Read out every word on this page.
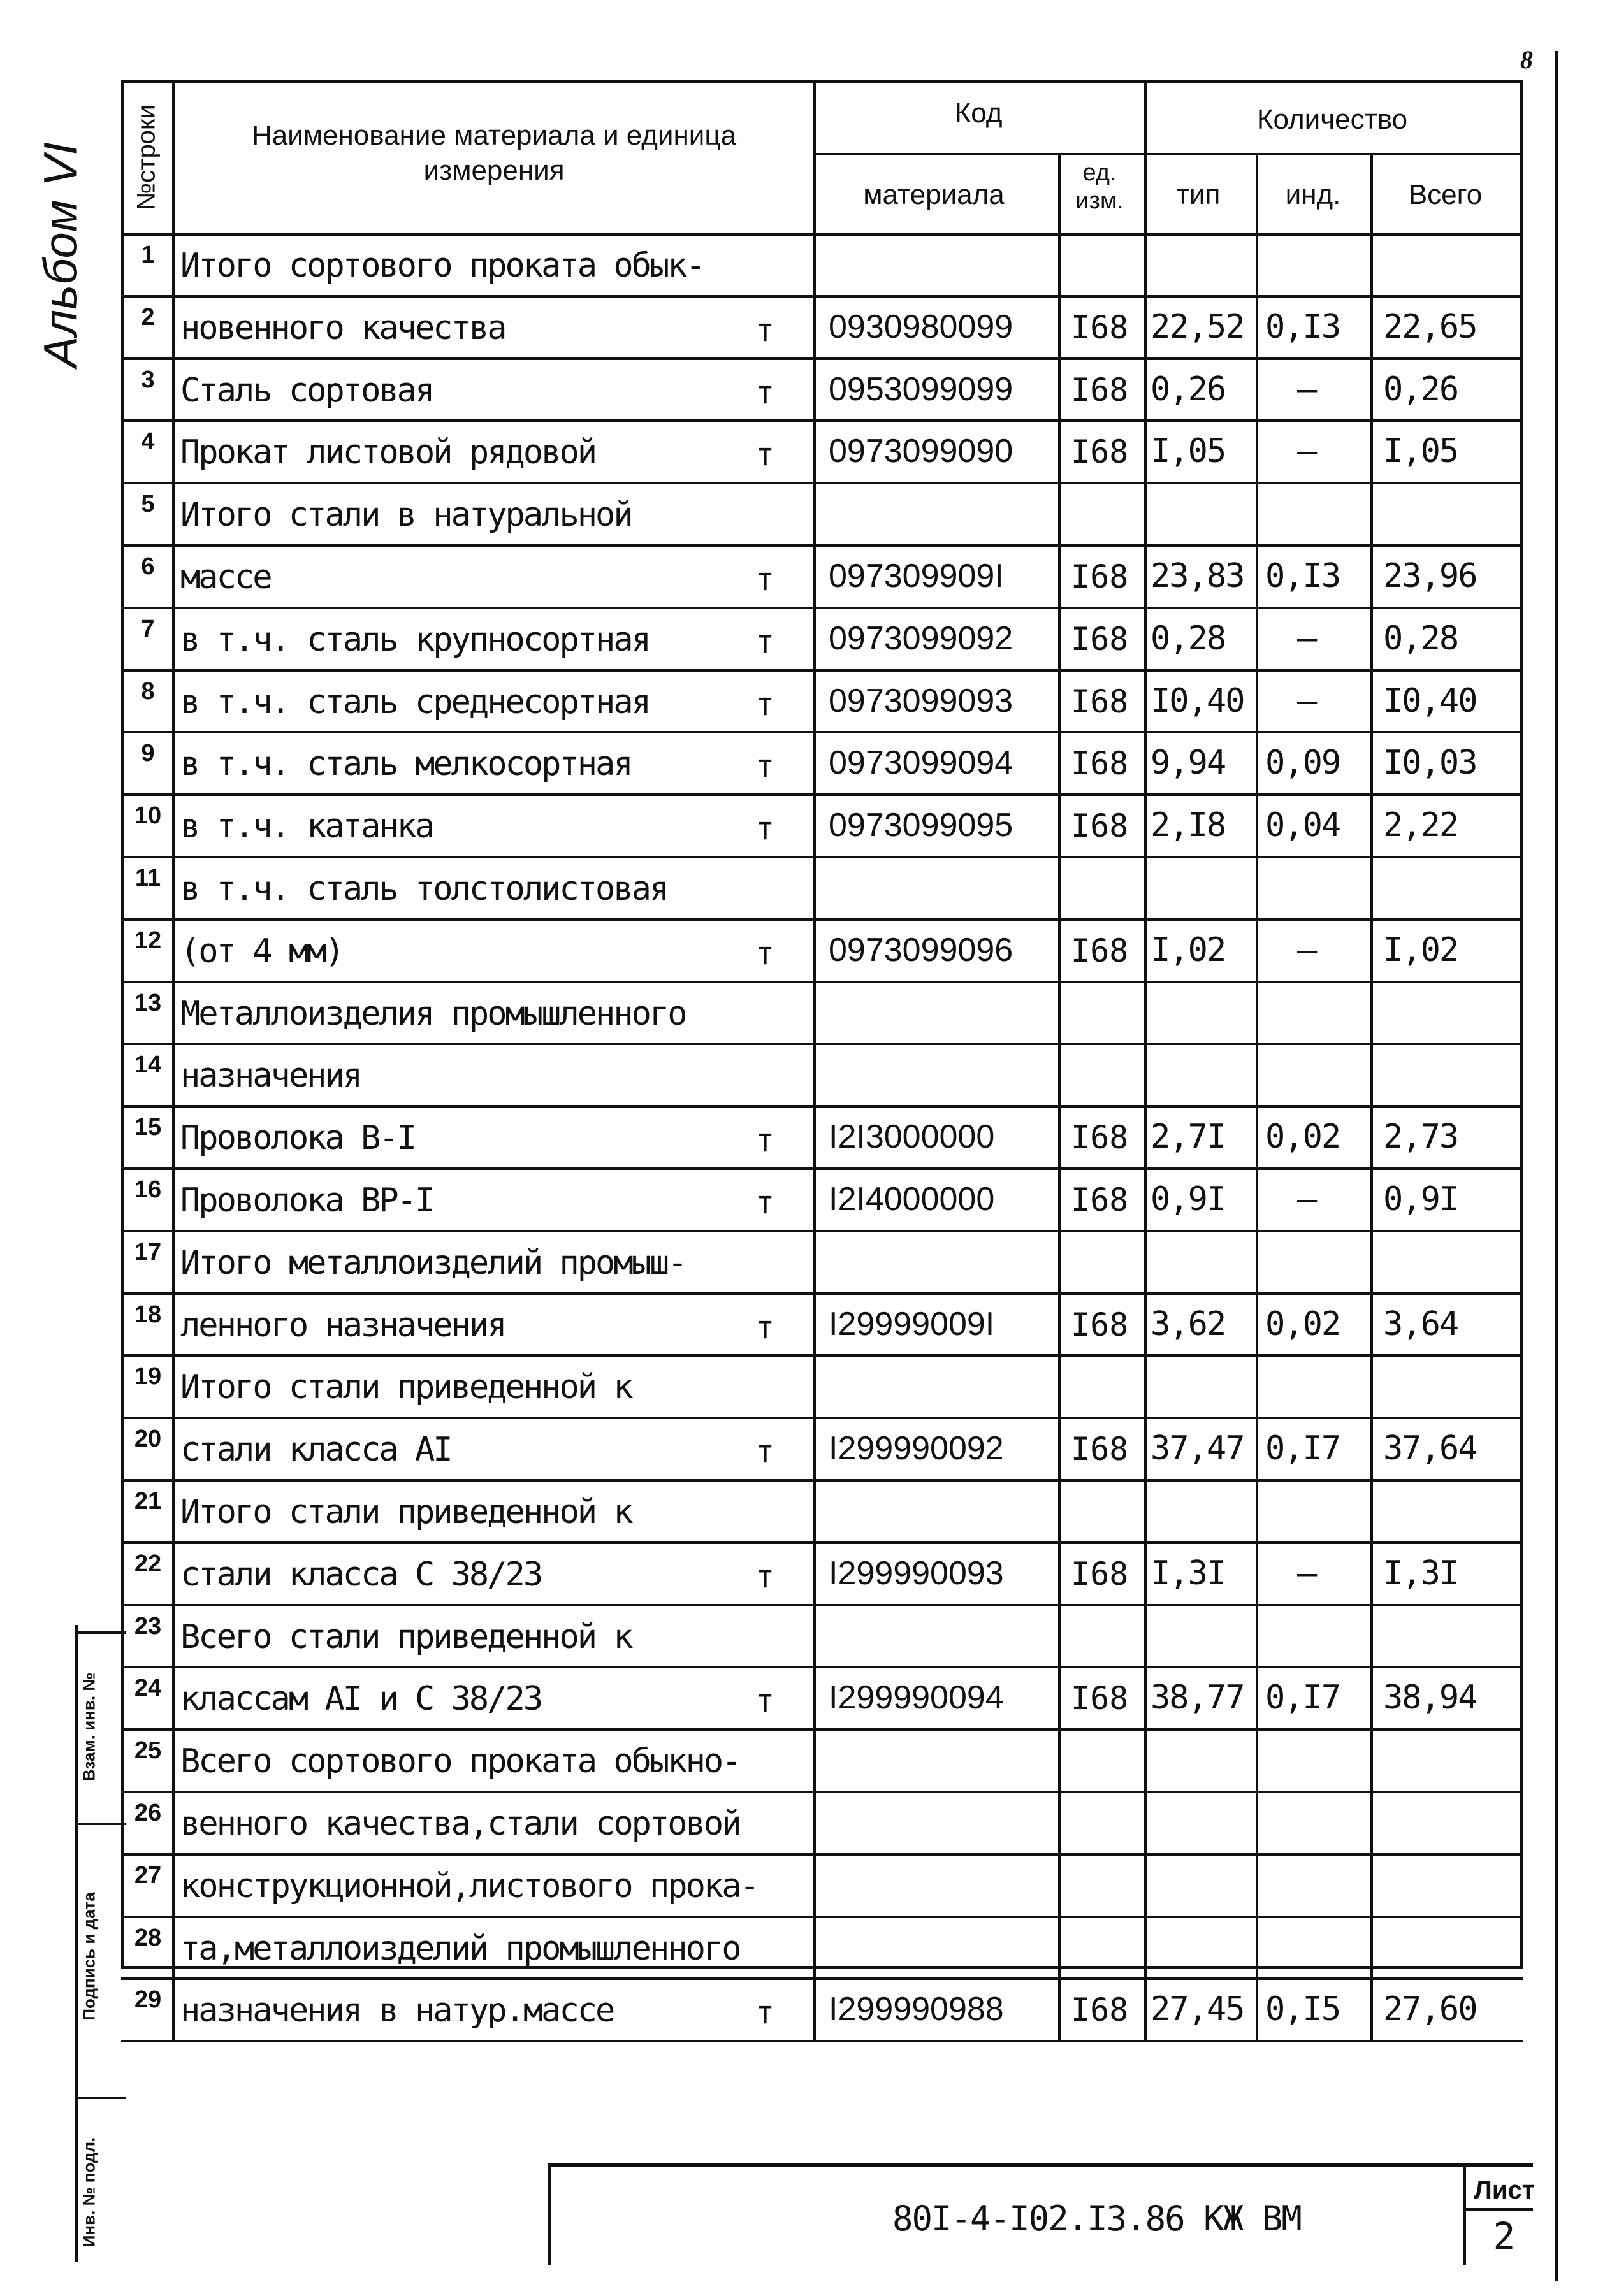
Альбом VI
8
№строки	Наименование материала и единица измерения
Код
материала
ед. изм.
Количество
тип	инд.	Всего
1 Итого сортового проката обык-
2 новенного качества	т 0930980099 I68 22,52 0,I3 22,65
3 Сталь сортовая	т 0953099099 I68 0,26 – 0,26
4 Прокат листовой рядовой	т 0973099090 I68 I,05 – I,05
5 Итого стали в натуральной
6 массе	т 097309909I I68 23,83 0,I3 23,96
7 в т.ч. сталь крупносортная	т 0973099092 I68 0,28 – 0,28
8 в т.ч. сталь среднесортная	т 0973099093 I68 I0,40 – I0,40
9 в т.ч. сталь мелкосортная	т 0973099094 I68 9,94 0,09 I0,03
10 в т.ч. катанка	т 0973099095 I68 2,I8 0,04 2,22
11 в т.ч. сталь толстолистовая
12 (от 4 мм)	т 0973099096 I68 I,02 – I,02
13 Металлоизделия промышленного
14 назначения
15 Проволока В-I	т I2I3000000 I68 2,7I 0,02 2,73
16 Проволока ВР-I	т I2I4000000 I68 0,9I – 0,9I
17 Итого металлоизделий промыш-
18 ленного назначения	т I29999009I I68 3,62 0,02 3,64
19 Итого стали приведенной к
20 стали класса АI	т I299990092 I68 37,47 0,I7 37,64
21 Итого стали приведенной к
22 стали класса С 38/23	т I299990093 I68 I,3I – I,3I
23 Всего стали приведенной к
24 классам АI и С 38/23	т I299990094 I68 38,77 0,I7 38,94
25 Всего сортового проката обыкно-
26 венного качества,стали сортовой
27 конструкционной,листового прока-
28 та,металлоизделий промышленного
29 назначения в натур.массе	т I299990988 I68 27,45 0,I5 27,60
Взам. инв. №
Подпись и дата
Инв. № подл.	80I-4-I02.I3.86 КЖ ВМ
Лист
2
